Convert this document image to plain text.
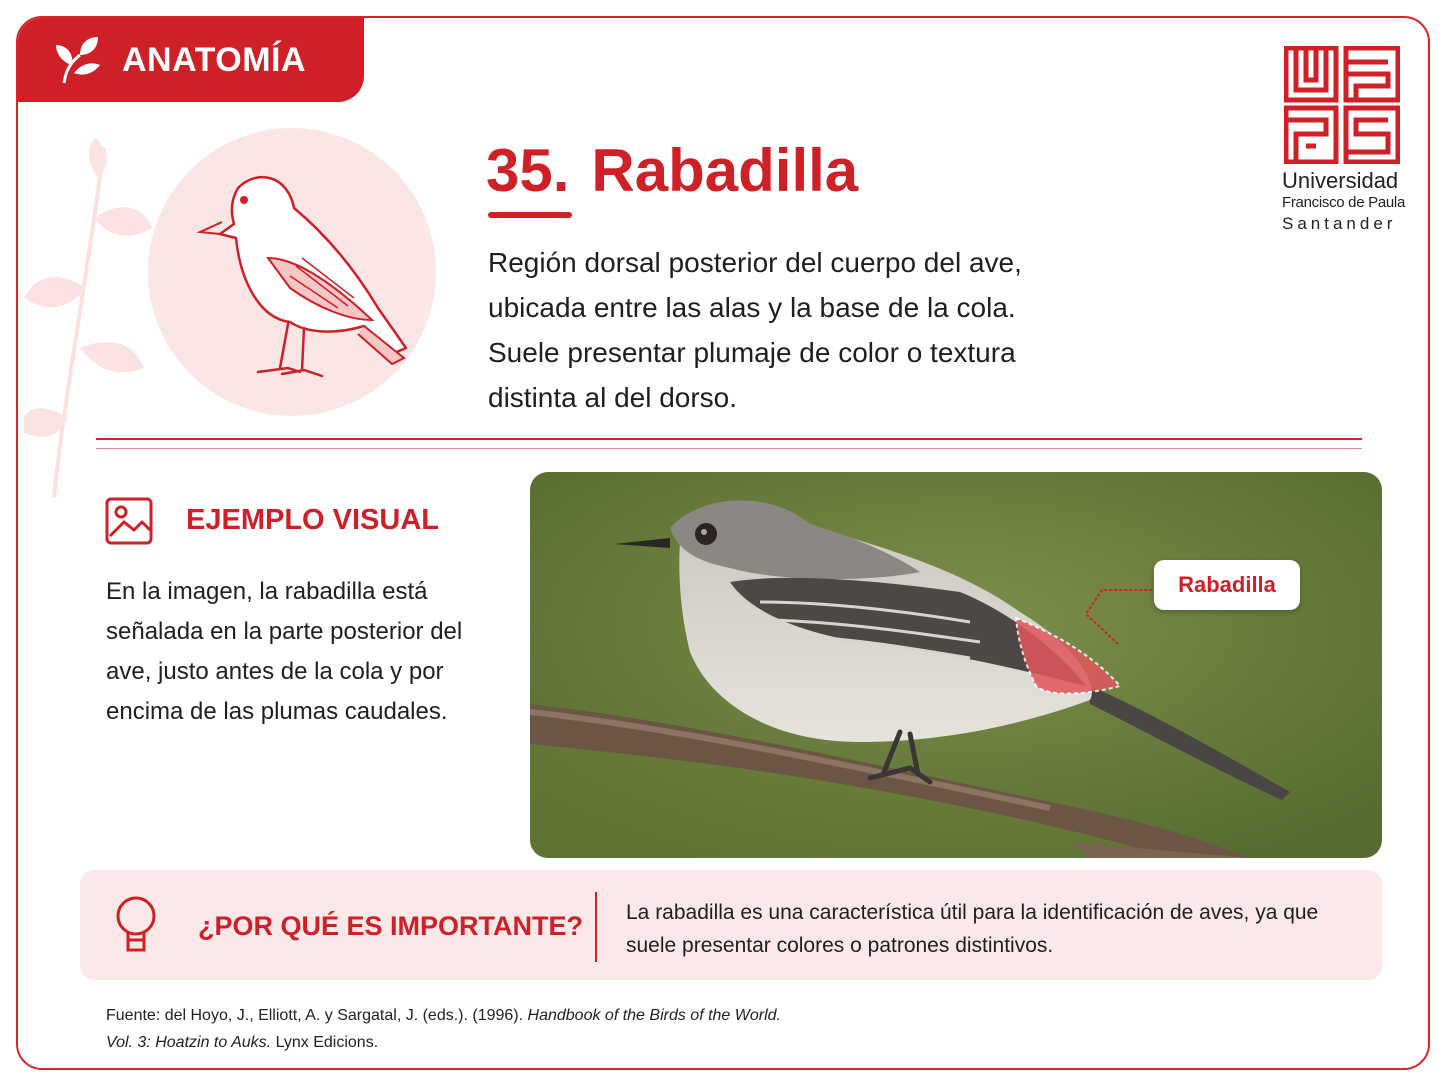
ANATOMÍA
35. Rabadilla
Región dorsal posterior del cuerpo del ave, ubicada entre las alas y la base de la cola. Suele presentar plumaje de color o textura distinta al del dorso.
Universidad
Francisco de Paula
Santander
EJEMPLO VISUAL
En la imagen, la rabadilla está señalada en la parte posterior del ave, justo antes de la cola y por encima de las plumas caudales.
Rabadilla
¿POR QUÉ ES IMPORTANTE? La rabadilla es una característica útil para la identificación de aves, ya que suele presentar colores o patrones distintivos.
Fuente: del Hoyo, J., Elliott, A. y Sargatal, J. (eds.). (1996). Handbook of the Birds of the World.
Vol. 3: Hoatzin to Auks. Lynx Edicions.
